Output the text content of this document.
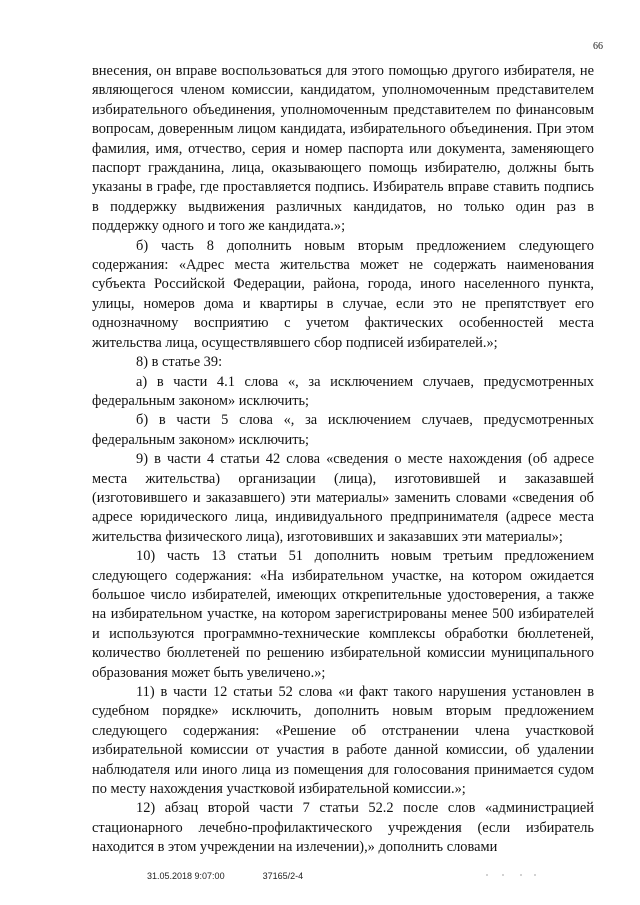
66

внесения, он вправе воспользоваться для этого помощью другого избирателя, не являющегося членом комиссии, кандидатом, уполномоченным представителем избирательного объединения, уполномоченным представителем по финансовым вопросам, доверенным лицом кандидата, избирательного объединения. При этом фамилия, имя, отчество, серия и номер паспорта или документа, заменяющего паспорт гражданина, лица, оказывающего помощь избирателю, должны быть указаны в графе, где проставляется подпись. Избиратель вправе ставить подпись в поддержку выдвижения различных кандидатов, но только один раз в поддержку одного и того же кандидата.»;

б) часть 8 дополнить новым вторым предложением следующего содержания: «Адрес места жительства может не содержать наименования субъекта Российской Федерации, района, города, иного населенного пункта, улицы, номеров дома и квартиры в случае, если это не препятствует его однозначному восприятию с учетом фактических особенностей места жительства лица, осуществлявшего сбор подписей избирателей.»;

8) в статье 39:

а) в части 4.1 слова «, за исключением случаев, предусмотренных федеральным законом» исключить;

б) в части 5 слова «, за исключением случаев, предусмотренных федеральным законом» исключить;

9) в части 4 статьи 42 слова «сведения о месте нахождения (об адресе места жительства) организации (лица), изготовившей и заказавшей (изготовившего и заказавшего) эти материалы» заменить словами «сведения об адресе юридического лица, индивидуального предпринимателя (адресе места жительства физического лица), изготовивших и заказавших эти материалы»;

10) часть 13 статьи 51 дополнить новым третьим предложением следующего содержания: «На избирательном участке, на котором ожидается большое число избирателей, имеющих открепительные удостоверения, а также на избирательном участке, на котором зарегистрированы менее 500 избирателей и используются программно-технические комплексы обработки бюллетеней, количество бюллетеней по решению избирательной комиссии муниципального образования может быть увеличено.»;

11) в части 12 статьи 52 слова «и факт такого нарушения установлен в судебном порядке» исключить, дополнить новым вторым предложением следующего содержания: «Решение об отстранении члена участковой избирательной комиссии от участия в работе данной комиссии, об удалении наблюдателя или иного лица из помещения для голосования принимается судом по месту нахождения участковой избирательной комиссии.»;

12) абзац второй части 7 статьи 52.2 после слов «администрацией стационарного лечебно-профилактического учреждения (если избиратель находится в этом учреждении на излечении),» дополнить словами

31.05.2018 9:07:00	37165/2-4
